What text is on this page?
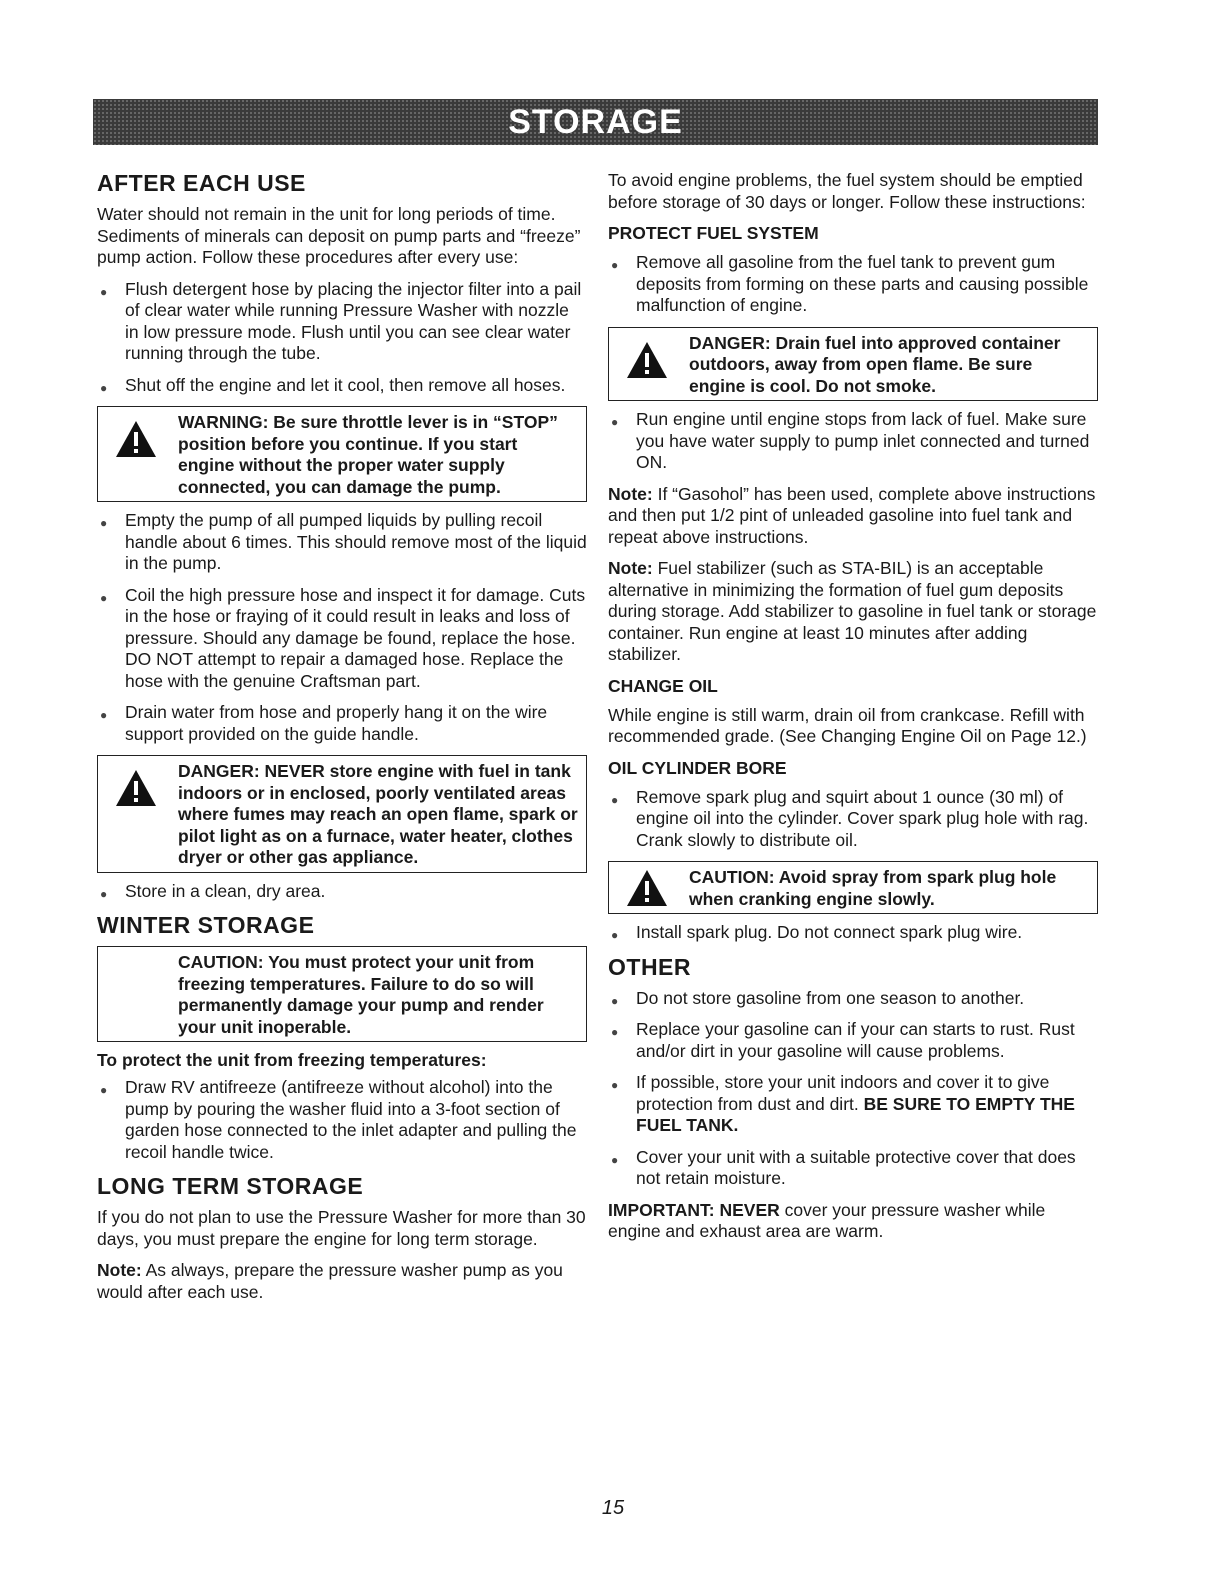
STORAGE
AFTER EACH USE

Water should not remain in the unit for long periods of time. Sediments of minerals can deposit on pump parts and “freeze” pump action. Follow these procedures after every use:

● Flush detergent hose by placing the injector filter into a pail of clear water while running Pressure Washer with nozzle in low pressure mode. Flush until you can see clear water running through the tube.
● Shut off the engine and let it cool, then remove all hoses.
WARNING: Be sure throttle lever is in “STOP” position before you continue. If you start engine without the proper water supply connected, you can damage the pump.
● Empty the pump of all pumped liquids by pulling recoil handle about 6 times. This should remove most of the liquid in the pump.
● Coil the high pressure hose and inspect it for damage. Cuts in the hose or fraying of it could result in leaks and loss of pressure. Should any damage be found, replace the hose. DO NOT attempt to repair a damaged hose. Replace the hose with the genuine Craftsman part.
● Drain water from hose and properly hang it on the wire support provided on the guide handle.
DANGER: NEVER store engine with fuel in tank indoors or in enclosed, poorly ventilated areas where fumes may reach an open flame, spark or pilot light as on a furnace, water heater, clothes dryer or other gas appliance.
● Store in a clean, dry area.
WINTER STORAGE
CAUTION: You must protect your unit from freezing temperatures. Failure to do so will permanently damage your pump and render your unit inoperable.
To protect the unit from freezing temperatures:
● Draw RV antifreeze (antifreeze without alcohol) into the pump by pouring the washer fluid into a 3-foot section of garden hose connected to the inlet adapter and pulling the recoil handle twice.
LONG TERM STORAGE

If you do not plan to use the Pressure Washer for more than 30 days, you must prepare the engine for long term storage.

Note: As always, prepare the pressure washer pump as you would after each use.

To avoid engine problems, the fuel system should be emptied before storage of 30 days or longer. Follow these instructions:

PROTECT FUEL SYSTEM
● Remove all gasoline from the fuel tank to prevent gum deposits from forming on these parts and causing possible malfunction of engine.
DANGER: Drain fuel into approved container outdoors, away from open flame. Be sure engine is cool. Do not smoke.
● Run engine until engine stops from lack of fuel. Make sure you have water supply to pump inlet connected and turned ON.

Note: If “Gasohol” has been used, complete above instructions and then put 1/2 pint of unleaded gasoline into fuel tank and repeat above instructions.

Note: Fuel stabilizer (such as STA-BIL) is an acceptable alternative in minimizing the formation of fuel gum deposits during storage. Add stabilizer to gasoline in fuel tank or storage container. Run engine at least 10 minutes after adding stabilizer.

CHANGE OIL

While engine is still warm, drain oil from crankcase. Refill with recommended grade. (See Changing Engine Oil on Page 12.)

OIL CYLINDER BORE
● Remove spark plug and squirt about 1 ounce (30 ml) of engine oil into the cylinder. Cover spark plug hole with rag. Crank slowly to distribute oil.
CAUTION: Avoid spray from spark plug hole when cranking engine slowly.
● Install spark plug. Do not connect spark plug wire.
OTHER
● Do not store gasoline from one season to another.
● Replace your gasoline can if your can starts to rust. Rust and/or dirt in your gasoline will cause problems.
● If possible, store your unit indoors and cover it to give protection from dust and dirt. BE SURE TO EMPTY THE FUEL TANK.
● Cover your unit with a suitable protective cover that does not retain moisture.

IMPORTANT: NEVER cover your pressure washer while engine and exhaust area are warm.

15
